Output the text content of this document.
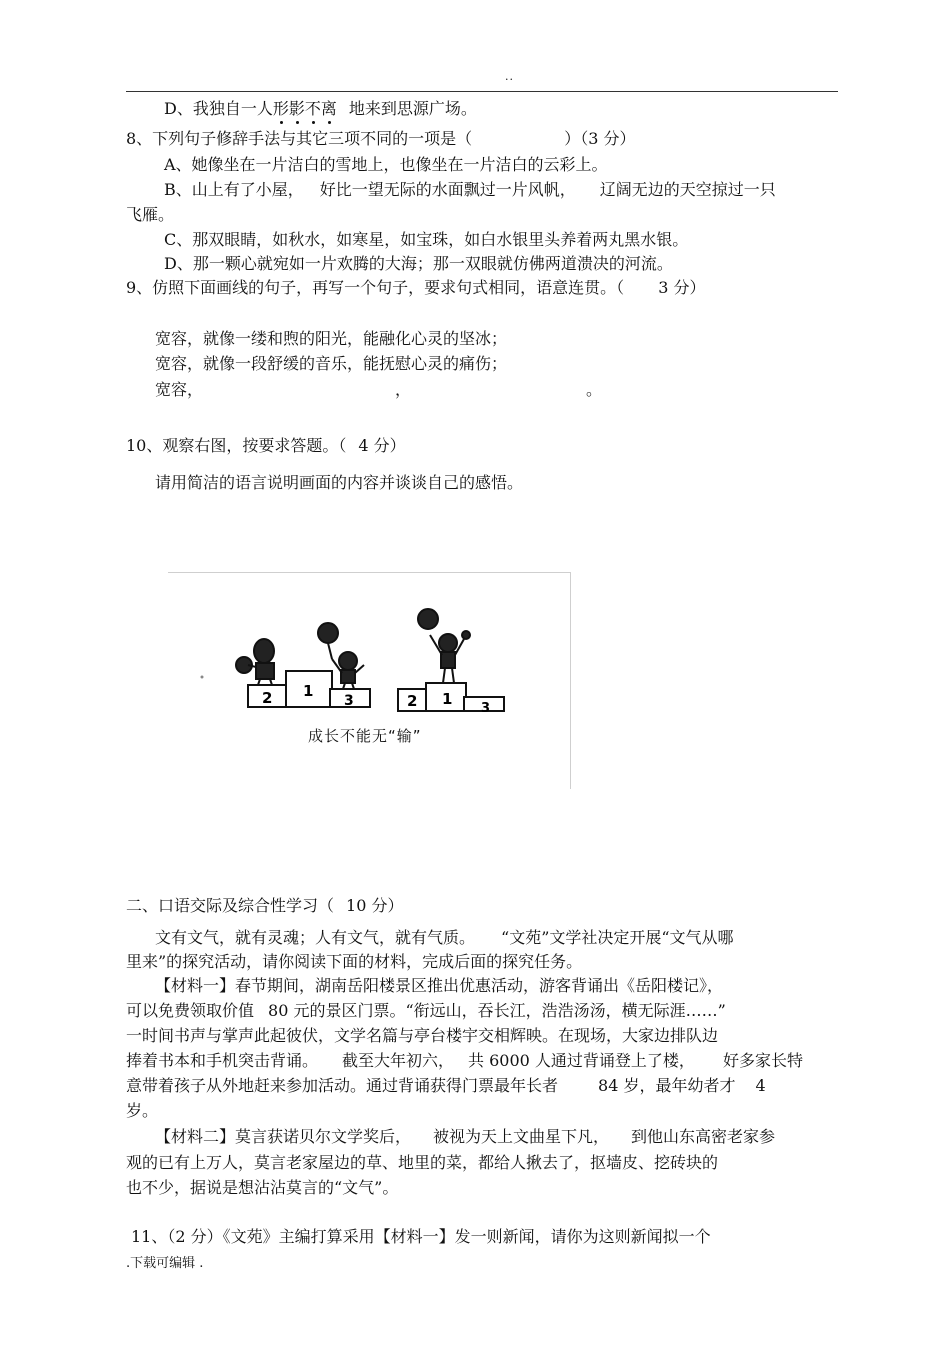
..
D、我独自一人形影不离 地来到思源广场。
8、下列句子修辞手法与其它三项不同的一项是（	）（3 分）
A、她像坐在一片洁白的雪地上，也像坐在一片洁白的云彩上。
B、山上有了小屋， 好比一望无际的水面飘过一片风帆， 辽阔无边的天空掠过一只
飞雁。
C、那双眼睛，如秋水，如寒星，如宝珠，如白水银里头养着两丸黑水银。
D、那一颗心就宛如一片欢腾的大海；那一双眼就仿佛两道溃决的河流。
9、仿照下面画线的句子，再写一个句子，要求句式相同，语意连贯。（ 3 分）
宽容，就像一缕和煦的阳光，能融化心灵的坚冰；
宽容，就像一段舒缓的音乐，能抚慰心灵的痛伤；
宽容，	，	。
10、观察右图，按要求答题。（ 4 分）
请用简洁的语言说明画面的内容并谈谈自己的感悟。
2 1
3	2 1
3
成长不能无“输”
二、口语交际及综合性学习（ 10 分）
文有文气，就有灵魂；人有文气，就有气质。 “文苑”文学社决定开展“文气从哪
里来”的探究活动，请你阅读下面的材料，完成后面的探究任务。
【材料一】春节期间，湖南岳阳楼景区推出优惠活动，游客背诵出《岳阳楼记》，
可以免费领取价值 80 元的景区门票。“衔远山，吞长江，浩浩汤汤，横无际涯……”
一时间书声与掌声此起彼伏，文学名篇与亭台楼宇交相辉映。在现场，大家边排队边
捧着书本和手机突击背诵。 截至大年初六， 共 6000 人通过背诵登上了楼， 好多家长特
意带着孩子从外地赶来参加活动。通过背诵获得门票最年长者	84 岁，最年幼者才 4
岁。
【材料二】莫言获诺贝尔文学奖后， 被视为天上文曲星下凡， 到他山东高密老家参
观的已有上万人，莫言老家屋边的草、地里的菜，都给人揪去了，抠墙皮、挖砖块的
也不少，据说是想沾沾莫言的“文气”。
11、（2 分）《文苑》主编打算采用【材料一】发一则新闻，请你为这则新闻拟一个
.下载可编辑 .
